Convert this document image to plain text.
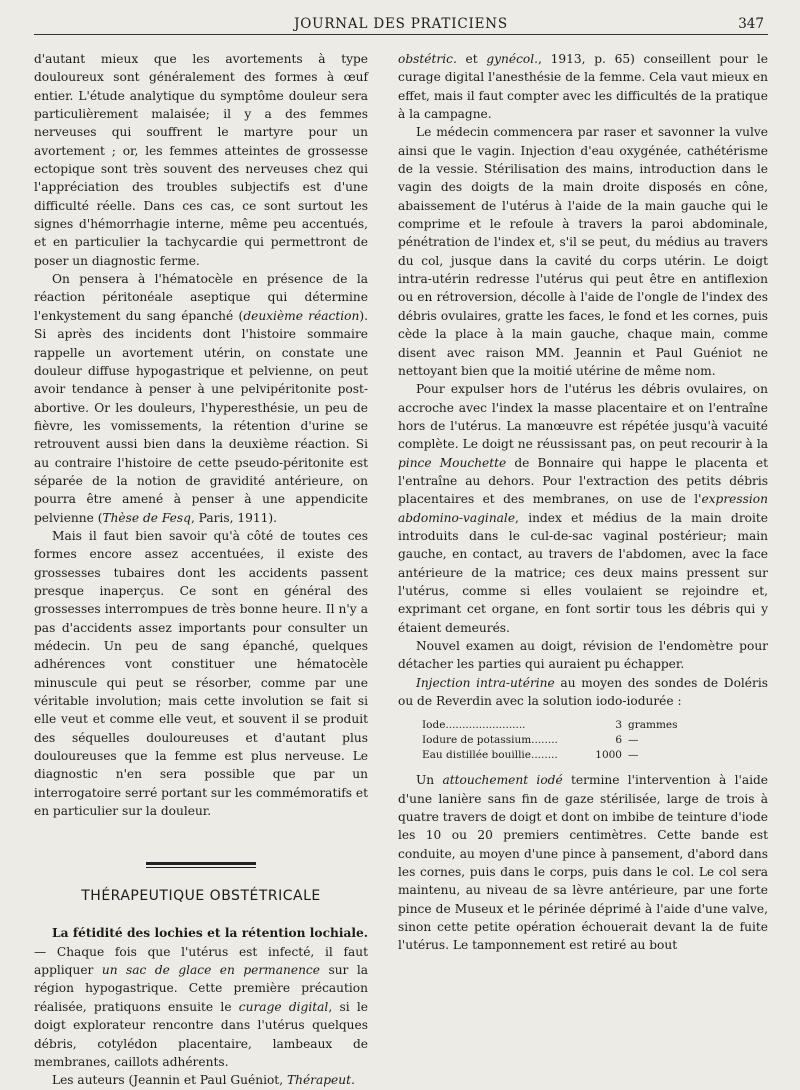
JOURNAL DES PRATICIENS	347

d'autant mieux que les avortements à type douloureux sont généralement des formes à œuf entier. L'étude analytique du symptôme douleur sera particulièrement malaisée; il y a des femmes nerveuses qui souffrent le martyre pour un avortement ; or, les femmes atteintes de grossesse ectopique sont très souvent des nerveuses chez qui l'appréciation des troubles subjectifs est d'une difficulté réelle. Dans ces cas, ce sont surtout les signes d'hémorrhagie interne, même peu accentués, et en particulier la tachycardie qui permettront de poser un diagnostic ferme.

On pensera à l'hématocèle en présence de la réaction péritonéale aseptique qui détermine l'enkystement du sang épanché (deuxième réaction). Si après des incidents dont l'histoire sommaire rappelle un avortement utérin, on constate une douleur diffuse hypogastrique et pelvienne, on peut avoir tendance à penser à une pelvipéritonite post-abortive. Or les douleurs, l'hyperesthésie, un peu de fièvre, les vomissements, la rétention d'urine se retrouvent aussi bien dans la deuxième réaction. Si au contraire l'histoire de cette pseudo-péritonite est séparée de la notion de gravidité antérieure, on pourra être amené à penser à une appendicite pelvienne (Thèse de Fesq, Paris, 1911).

Mais il faut bien savoir qu'à côté de toutes ces formes encore assez accentuées, il existe des grossesses tubaires dont les accidents passent presque inaperçus. Ce sont en général des grossesses interrompues de très bonne heure. Il n'y a pas d'accidents assez importants pour consulter un médecin. Un peu de sang épanché, quelques adhérences vont constituer une hématocèle minuscule qui peut se résorber, comme par une véritable involution; mais cette involution se fait si elle veut et comme elle veut, et souvent il se produit des séquelles douloureuses et d'autant plus douloureuses que la femme est plus nerveuse. Le diagnostic n'en sera possible que par un interrogatoire serré portant sur les commémoratifs et en particulier sur la douleur.

THÉRAPEUTIQUE OBSTÉTRICALE

La fétidité des lochies et la rétention lochiale. — Chaque fois que l'utérus est infecté, il faut appliquer un sac de glace en permanence sur la région hypogastrique. Cette première précaution réalisée, pratiquons ensuite le curage digital, si le doigt explorateur rencontre dans l'utérus quelques débris, cotylédon placentaire, lambeaux de membranes, caillots adhérents.

Les auteurs (Jeannin et Paul Guéniot, Thérapeut.

obstétric. et gynécol., 1913, p. 65) conseillent pour le curage digital l'anesthésie de la femme. Cela vaut mieux en effet, mais il faut compter avec les difficultés de la pratique à la campagne.

Le médecin commencera par raser et savonner la vulve ainsi que le vagin. Injection d'eau oxygénée, cathétérisme de la vessie. Stérilisation des mains, introduction dans le vagin des doigts de la main droite disposés en cône, abaissement de l'utérus à l'aide de la main gauche qui le comprime et le refoule à travers la paroi abdominale, pénétration de l'index et, s'il se peut, du médius au travers du col, jusque dans la cavité du corps utérin. Le doigt intra-utérin redresse l'utérus qui peut être en antiflexion ou en rétroversion, décolle à l'aide de l'ongle de l'index des débris ovulaires, gratte les faces, le fond et les cornes, puis cède la place à la main gauche, chaque main, comme disent avec raison MM. Jeannin et Paul Guéniot ne nettoyant bien que la moitié utérine de même nom.

Pour expulser hors de l'utérus les débris ovulaires, on accroche avec l'index la masse placentaire et on l'entraîne hors de l'utérus. La manœuvre est répétée jusqu'à vacuité complète. Le doigt ne réussissant pas, on peut recourir à la pince Mouchette de Bonnaire qui happe le placenta et l'entraîne au dehors. Pour l'extraction des petits débris placentaires et des membranes, on use de l'expression abdomino-vaginale, index et médius de la main droite introduits dans le cul-de-sac vaginal postérieur; main gauche, en contact, au travers de l'abdomen, avec la face antérieure de la matrice; ces deux mains pressent sur l'utérus, comme si elles voulaient se rejoindre et, exprimant cet organe, en font sortir tous les débris qui y étaient demeurés.

Nouvel examen au doigt, révision de l'endomètre pour détacher les parties qui auraient pu échapper.

Injection intra-utérine au moyen des sondes de Doléris ou de Reverdin avec la solution iodo-iodurée :

Iode........................	3	grammes
Iodure de potassium........	6	—
Eau distillée bouillie........	1000	—

Un attouchement iodé termine l'intervention à l'aide d'une lanière sans fin de gaze stérilisée, large de trois à quatre travers de doigt et dont on imbibe de teinture d'iode les 10 ou 20 premiers centimètres. Cette bande est conduite, au moyen d'une pince à pansement, d'abord dans les cornes, puis dans le corps, puis dans le col. Le col sera maintenu, au niveau de sa lèvre antérieure, par une forte pince de Museux et le périnée déprimé à l'aide d'une valve, sinon cette petite opération échouerait devant la de fuite l'utérus. Le tamponnement est retiré au bout
